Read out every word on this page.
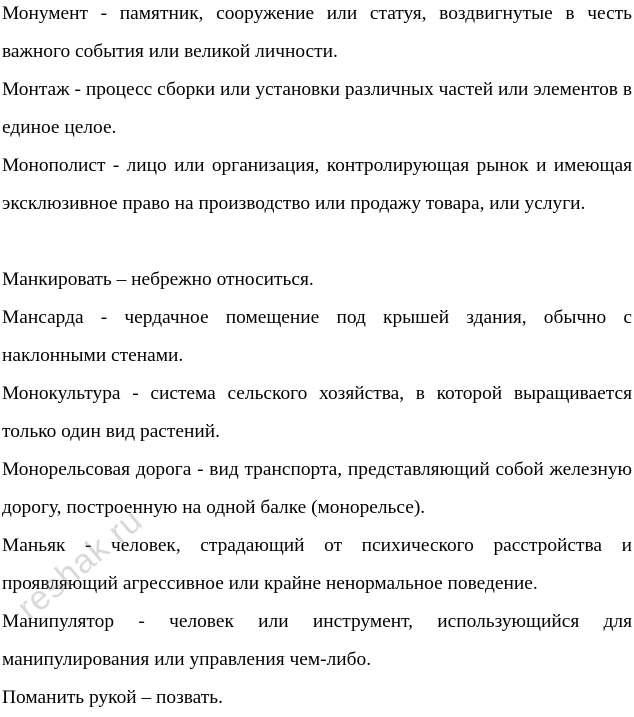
Монумент - памятник, сооружение или статуя, воздвигнутые в честь важного события или великой личности.

Монтаж - процесс сборки или установки различных частей или элементов в единое целое.

Монополист - лицо или организация, контролирующая рынок и имеющая эксклюзивное право на производство или продажу товара, или услуги.

Манкировать – небрежно относиться.

Мансарда - чердачное помещение под крышей здания, обычно с наклонными стенами.

Монокультура - система сельского хозяйства, в которой выращивается только один вид растений.

Монорельсовая дорога - вид транспорта, представляющий собой железную дорогу, построенную на одной балке (монорельсе).

Маньяк - человек, страдающий от психического расстройства и проявляющий агрессивное или крайне ненормальное поведение.

Манипулятор - человек или инструмент, использующийся для манипулирования или управления чем-либо.

Поманить рукой – позвать.

reshak.ru
